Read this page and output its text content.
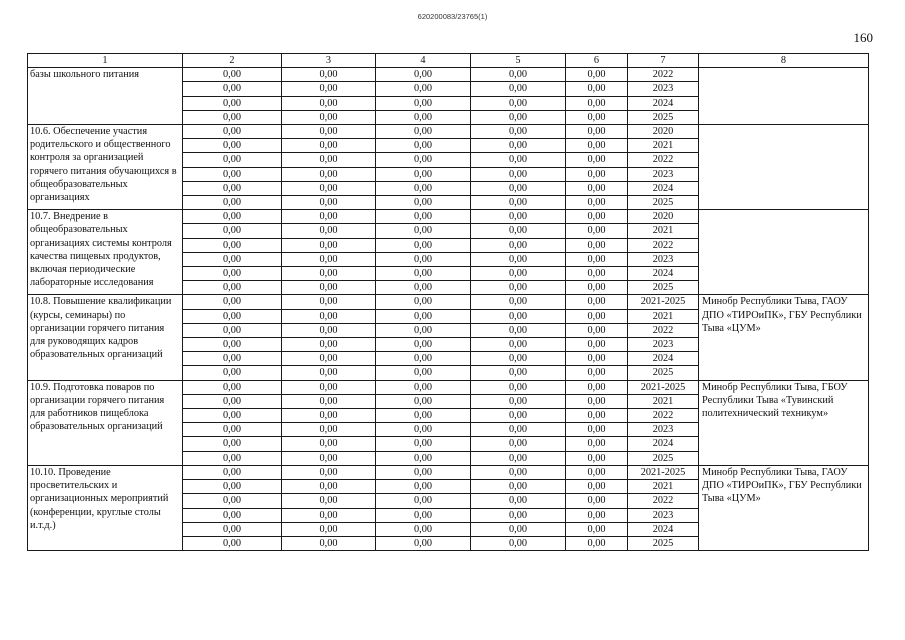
620200083/23765(1)
160
1	2	3	4	5	6	7	8
базы школьного питания	0,00	0,00	0,00	0,00	0,00	2022	
	0,00	0,00	0,00	0,00	0,00	2023	
	0,00	0,00	0,00	0,00	0,00	2024	
	0,00	0,00	0,00	0,00	0,00	2025	
10.6. Обеспечение участия родительского и общественного контроля за организацией горячего питания обучающихся в общеобразовательных организациях	0,00	0,00	0,00	0,00	0,00	2020	
	0,00	0,00	0,00	0,00	0,00	2021	
	0,00	0,00	0,00	0,00	0,00	2022	
	0,00	0,00	0,00	0,00	0,00	2023	
	0,00	0,00	0,00	0,00	0,00	2024	
	0,00	0,00	0,00	0,00	0,00	2025	
10.7. Внедрение в общеобразовательных организациях системы контроля качества пищевых продуктов, включая периодические лабораторные исследования	0,00	0,00	0,00	0,00	0,00	2020	
	0,00	0,00	0,00	0,00	0,00	2021	
	0,00	0,00	0,00	0,00	0,00	2022	
	0,00	0,00	0,00	0,00	0,00	2023	
	0,00	0,00	0,00	0,00	0,00	2024	
	0,00	0,00	0,00	0,00	0,00	2025	
10.8. Повышение квалификации (курсы, семинары) по организации горячего питания для руководящих кадров образовательных организаций	0,00	0,00	0,00	0,00	0,00	2021-2025	Минобр Республики Тыва, ГАОУ ДПО «ТИРОиПК», ГБУ Республики Тыва «ЦУМ»
	0,00	0,00	0,00	0,00	0,00	2021	
	0,00	0,00	0,00	0,00	0,00	2022	
	0,00	0,00	0,00	0,00	0,00	2023	
	0,00	0,00	0,00	0,00	0,00	2024	
	0,00	0,00	0,00	0,00	0,00	2025	
10.9. Подготовка поваров по организации горячего питания для работников пищеблока образовательных организаций	0,00	0,00	0,00	0,00	0,00	2021-2025	Минобр Республики Тыва, ГБОУ Республики Тыва «Тувинский политехнический техникум»
	0,00	0,00	0,00	0,00	0,00	2021	
	0,00	0,00	0,00	0,00	0,00	2022	
	0,00	0,00	0,00	0,00	0,00	2023	
	0,00	0,00	0,00	0,00	0,00	2024	
	0,00	0,00	0,00	0,00	0,00	2025	
10.10. Проведение просветительских и организационных мероприятий (конференции, круглые столы и.т.д.)	0,00	0,00	0,00	0,00	0,00	2021-2025	Минобр Республики Тыва, ГАОУ ДПО «ТИРОиПК», ГБУ Республики Тыва «ЦУМ»
	0,00	0,00	0,00	0,00	0,00	2021	
	0,00	0,00	0,00	0,00	0,00	2022	
	0,00	0,00	0,00	0,00	0,00	2023	
	0,00	0,00	0,00	0,00	0,00	2024	
	0,00	0,00	0,00	0,00	0,00	2025	
